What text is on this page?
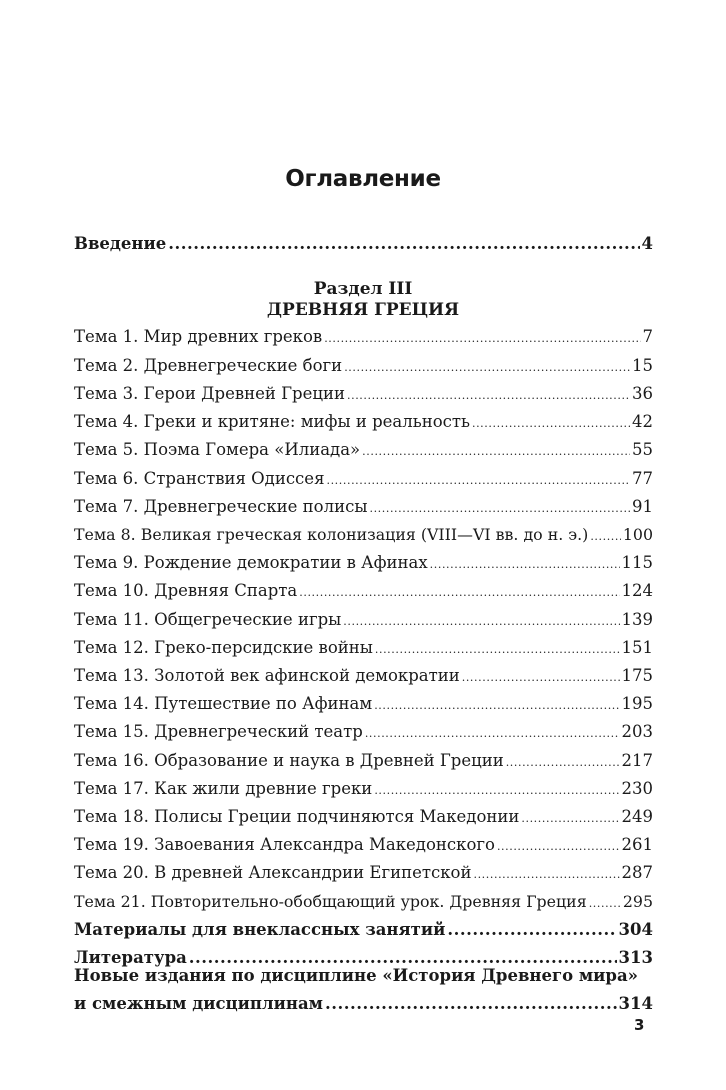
Оглавление
Введение .....	4
Раздел III
ДРЕВНЯЯ ГРЕЦИЯ
Тема 1. Мир древних греков .....	7
Тема 2. Древнегреческие боги .....	15
Тема 3. Герои Древней Греции .....	36
Тема 4. Греки и критяне: мифы и реальность .....	42
Тема 5. Поэма Гомера «Илиада» .....	55
Тема 6. Странствия Одиссея .....	77
Тема 7. Древнегреческие полисы .....	91
Тема 8. Великая греческая колонизация (VIII—VI вв. до н. э.) ..... 100
Тема 9. Рождение демократии в Афинах .....	115
Тема 10. Древняя Спарта .....	124
Тема 11. Общегреческие игры .....	139
Тема 12. Греко-персидские войны .....	151
Тема 13. Золотой век афинской демократии .....	175
Тема 14. Путешествие по Афинам .....	195
Тема 15. Древнегреческий театр .....	203
Тема 16. Образование и наука в Древней Греции .....	217
Тема 17. Как жили древние греки .....	230
Тема 18. Полисы Греции подчиняются Македонии .....	249
Тема 19. Завоевания Александра Македонского .....	261
Тема 20. В древней Александрии Египетской .....	287
Тема 21. Повторительно-обобщающий урок. Древняя Греция ..... 295
Материалы для внеклассных занятий .....	304
Литература .....	313
Новые издания по дисциплине «История Древнего мира»
и смежным дисциплинам .....	314
3
